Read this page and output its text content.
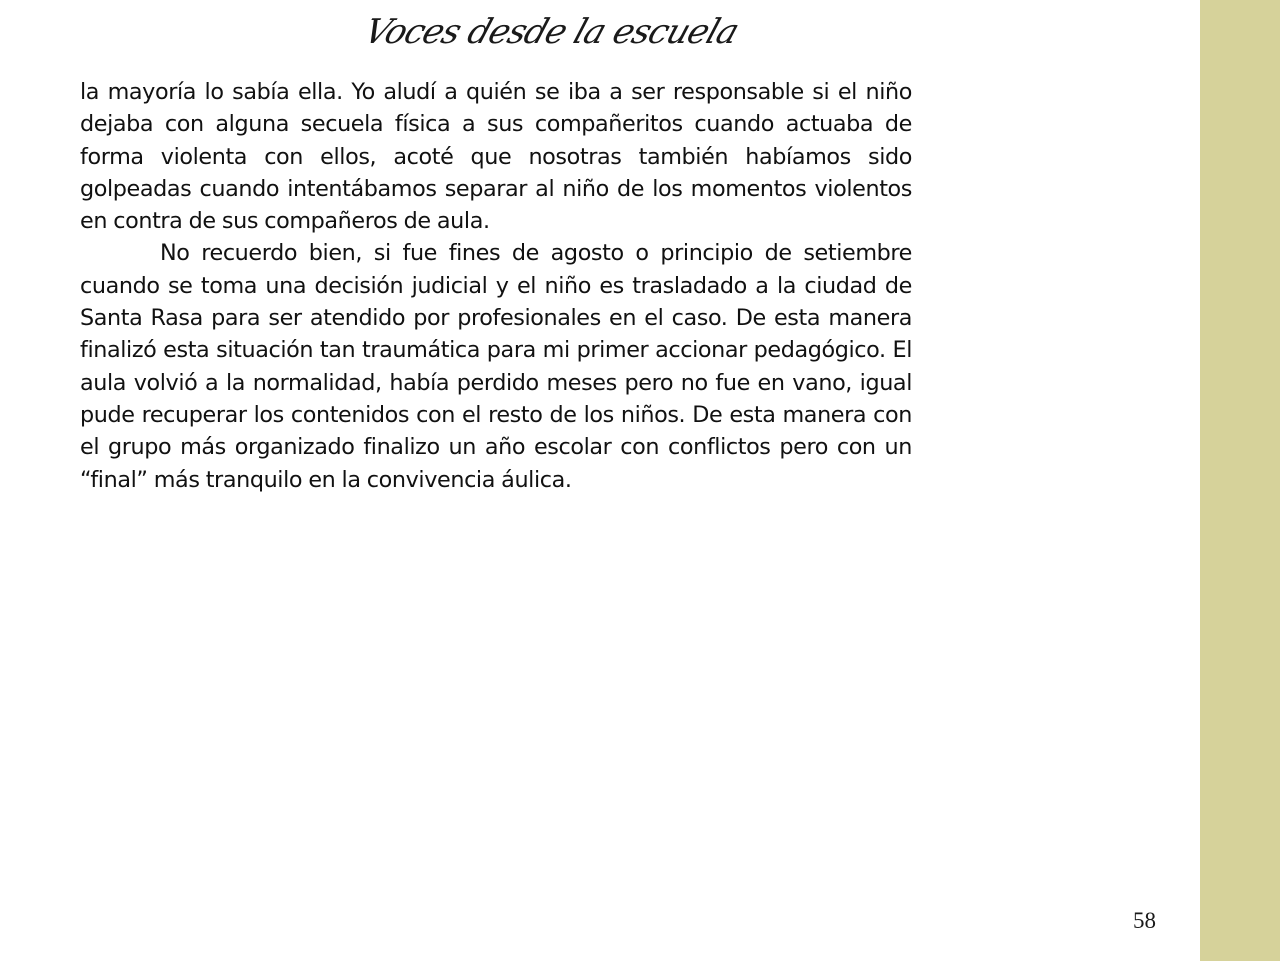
Voces desde la escuela

la mayoría lo sabía ella. Yo aludí a quién se iba a ser responsable si el niño dejaba con alguna secuela física a sus compañeritos cuando actuaba de forma violenta con ellos, acoté que nosotras también habíamos sido golpeadas cuando intentábamos separar al niño de los momentos violentos en contra de sus compañeros de aula.

No recuerdo bien, si fue fines de agosto o principio de setiembre cuando se toma una decisión judicial y el niño es trasladado a la ciudad de Santa Rasa para ser atendido por profesionales en el caso. De esta manera finalizó esta situación tan traumática para mi primer accionar pedagógico. El aula volvió a la normalidad, había perdido meses pero no fue en vano, igual pude recuperar los contenidos con el resto de los niños. De esta manera con el grupo más organizado finalizo un año escolar con conflictos pero con un “final” más tranquilo en la convivencia áulica.

58
